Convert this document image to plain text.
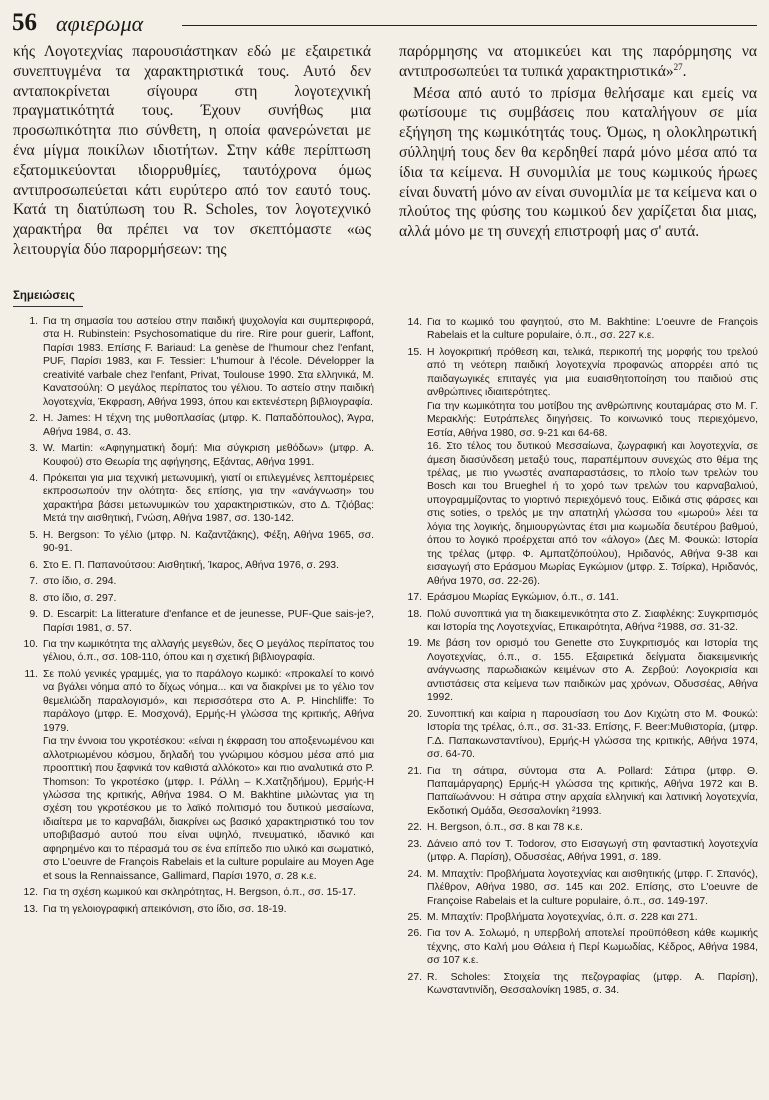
56 αφιερωμα

κής Λογοτεχνίας παρουσιάστηκαν εδώ με εξαιρετικά συνεπτυγμένα τα χαρακτηριστικά τους. Αυτό δεν ανταποκρίνεται σίγουρα στη λογοτεχνική πραγματικότητά τους. Έχουν συνήθως μια προσωπικότητα πιο σύνθετη, η οποία φανερώνεται με ένα μίγμα ποικίλων ιδιοτήτων. Στην κάθε περίπτωση εξατομικεύονται ιδιορρυθμίες, ταυτόχρονα όμως αντιπροσωπεύεται κάτι ευρύτερο από τον εαυτό τους. Κατά τη διατύπωση του R. Scholes, τον λογοτεχνικό χαρακτήρα θα πρέπει να τον σκεπτόμαστε «ως λειτουργία δύο παρορμήσεων: της

παρόρμησης να ατομικεύει και της παρόρμησης να αντιπροσωπεύει τα τυπικά χαρακτηριστικά»$^{27}$.

Μέσα από αυτό το πρίσμα θελήσαμε και εμείς να φωτίσουμε τις συμβάσεις που καταλήγουν σε μία εξήγηση της κωμικότητάς τους. Όμως, η ολοκληρωτική σύλληψή τους δεν θα κερδηθεί παρά μόνο μέσα από τα ίδια τα κείμενα. Η συνομιλία με τους κωμικούς ήρωες είναι δυνατή μόνο αν είναι συνομιλία με τα κείμενα και ο πλούτος της φύσης του κωμικού δεν χαρίζεται δια μιας, αλλά μόνο με τη συνεχή επιστροφή μας σ' αυτά.

Σημειώσεις
1. Για τη σημασία του αστείου στην παιδική ψυχολογία και συμπεριφορά, στα H. Rubinstein: Psychosomatique du rire. Rire pour guerir, Laffont, Παρίσι 1983. Επίσης F. Bariaud: La genèse de l'humour chez l'enfant, PUF, Παρίσι 1983, και F. Tessier: L'humour à l'école. Développer la creativité varbale chez l'enfant, Privat, Toulouse 1990. Στα ελληνικά, Μ. Κανατσούλη: Ο μεγάλος περίπατος του γέλιου. Το αστείο στην παιδική λογοτεχνία, Έκφραση, Αθήνα 1993, όπου και εκτενέστερη βιβλιογραφία.
2. H. James: Η τέχνη της μυθοπλασίας (μτφρ. Κ. Παπαδόπουλος), Άγρα, Αθήνα 1984, σ. 43.
3. W. Martin: «Αφηγηματική δομή: Μια σύγκριση μεθόδων» (μτφρ. Α. Κουφού) στο Θεωρία της αφήγησης, Εξάντας, Αθήνα 1991.
4. Πρόκειται για μια τεχνική μετωνυμική, γιατί οι επιλεγμένες λεπτομέρειες εκπροσωπούν την ολότητα· δες επίσης, για την «ανάγνωση» του χαρακτήρα βάσει μετωνυμικών του χαρακτηριστικών, στο Δ. Τζιόβας: Μετά την αισθητική, Γνώση, Αθήνα 1987, σσ. 130-142.
5. H. Bergson: Το γέλιο (μτφρ. Ν. Καζαντζάκης), Φέξη, Αθήνα 1965, σσ. 90-91.
6. Στο Ε. Π. Παπανούτσου: Αισθητική, Ίκαρος, Αθήνα 1976, σ. 293.
7. στο ίδιο, σ. 294.
8. στο ίδιο, σ. 297.
9. D. Escarpit: La litterature d'enfance et de jeunesse, PUF-Que sais-je?, Παρίσι 1981, σ. 57.
10. Για την κωμικότητα της αλλαγής μεγεθών, δες Ο μεγάλος περίπατος του γέλιου, ό.π., σσ. 108-110, όπου και η σχετική βιβλιογραφία.
11. Σε πολύ γενικές γραμμές, για το παράλογο κωμικό: «προκαλεί το κοινό να βγάλει νόημα από το δίχως νόημα... και να διακρίνει με το γέλιο τον θεμελιώδη παραλογισμό», και περισσότερα στο A. P. Hinchliffe: Το παράλογο (μτφρ. Ε. Μοσχονά), Ερμής-Η γλώσσα της κριτικής, Αθήνα 1979.
Για την έννοια του γκροτέσκου: «είναι η έκφραση του αποξενωμένου και αλλοτριωμένου κόσμου, δηλαδή του γνώριμου κόσμου μέσα από μια προοπτική που ξαφνικά τον καθιστά αλλόκοτο» και πιο αναλυτικά στο P. Thomson: Το γκροτέσκο (μτφρ. Ι. Ράλλη – Κ.Χατζηδήμου), Ερμής-Η γλώσσα της κριτικής, Αθήνα 1984. Ο Μ. Bakhtine μιλώντας για τη σχέση του γκροτέσκου με το λαϊκό πολιτισμό του δυτικού μεσαίωνα, ιδιαίτερα με το καρναβάλι, διακρίνει ως βασικό χαρακτηριστικό του τον υποβιβασμό αυτού που είναι υψηλό, πνευματικό, ιδανικό και αφηρημένο και τo πέρασμά του σε ένα επίπεδο πιο υλικό και σωματικό, στο L'oeuvre de François Rabelais et la culture populaire au Moyen Age et sous la Rennaissance, Gallimard, Παρίσι 1970, σ. 28 κ.ε.
12. Για τη σχέση κωμικού και σκληρότητας, H. Bergson, ό.π., σσ. 15-17.
13. Για τη γελοιογραφική απεικόνιση, στο ίδιο, σσ. 18-19.
14. Για το κωμικό του φαγητού, στο Μ. Bakhtine: L'oeuvre de François Rabelais et la culture populaire, ό.π., σσ. 227 κ.ε.
15. Η λογοκριτική πρόθεση και, τελικά, περικοπή της μορφής του τρελού από τη νεότερη παιδική λογοτεχνία προφανώς απορρέει από τις παιδαγωγικές επιταγές για μια ευαισθητοποίηση του παιδιού στις ανθρώπινες ιδιαιτερότητες.
Για την κωμικότητα του μοτίβου της ανθρώπινης κουταμάρας στο Μ. Γ. Μερακλής: Ευτράπελες διηγήσεις. Το κοινωνικό τους περιεχόμενο, Εστία, Αθήνα 1980, σσ. 9-21 και 64-68.
16. Στο τέλος του δυτικού Μεσσαίωνα, ζωγραφική και λογοτεχνία, σε άμεση διασύνδεση μεταξύ τους, παραπέμπουν συνεχώς στο θέμα της τρέλας, με πιο γνωστές αναπαραστάσεις, το πλοίο των τρελών του Bosch και του Brueghel ή το χορό των τρελών του καρναβαλιού, υπογραμμίζοντας το γιορτινό περιεχόμενό τους. Ειδικά στις φάρσες και στις soties, ο τρελός με την απατηλή γλώσσα του «μωρού» λέει τα λόγια της λογικής, δημιουργώντας έτσι μια κωμωδία δευτέρου βαθμού, όπου το λογικό προέρχεται από τον «άλογο» (Δες Μ. Φουκώ: Ιστορία της τρέλας (μτφρ. Φ. Αμπατζόπούλου), Ηριδανός, Αθήνα 9-38 και εισαγωγή στο Εράσμου Μωρίας Εγκώμιον (μτφρ. Σ. Τσίρκα), Ηριδανός, Αθήνα 1970, σσ. 22-26).
17. Εράσμου Μωρίας Εγκώμιον, ό.π., σ. 141.
18. Πολύ συνοπτικά για τη διακειμενικότητα στο Ζ. Σιαφλέκης: Συγκριτισμός και Ιστορία της Λογοτεχνίας, Επικαιρότητα, Αθήνα ²1988, σσ. 31-32.
19. Με βάση τον ορισμό του Genette στο Συγκριτισμός και Ιστορία της Λογοτεχνίας, ό.π., σ. 155. Εξαιρετικά δείγματα διακειμενικής ανάγνωσης παρωδιακών κειμένων στο Α. Ζερβού: Λογοκρισία και αντιστάσεις στα κείμενα των παιδικών μας χρόνων, Οδυσσέας, Αθήνα 1992.
20. Συνοπτική και καίρια η παρουσίαση του Δον Κιχώτη στο Μ. Φουκώ: Ιστορία της τρέλας, ό.π., σσ. 31-33. Επίσης, F. Beer:Μυθιστορία, (μτφρ. Γ.Δ. Παπακωνσταντίνου), Ερμής-Η γλώσσα της κριτικής, Αθήνα 1974, σσ. 64-70.
21. Για τη σάτιρα, σύντομα στα A. Pollard: Σάτιρα (μτφρ. Θ. Παπαμάργαρης) Ερμής-Η γλώσσα της κριτικής, Αθήνα 1972 και Β. Παπαϊωάννου: Η σάτιρα στην αρχαία ελληνική και λατινική λογοτεχνία, Εκδοτική Ομάδα, Θεσσαλονίκη ²1993.
22. H. Bergson, ό.π., σσ. 8 και 78 κ.ε.
23. Δάνειο από τον T. Todorov, στο Εισαγωγή στη φανταστική λογοτεχνία (μτφρ. Α. Παρίση), Οδυσσέας, Αθήνα 1991, σ. 189.
24. Μ. Μπαχτίν: Προβλήματα λογοτεχνίας και αισθητικής (μτφρ. Γ. Σπανός), Πλέθρον, Αθήνα 1980, σσ. 145 και 202. Επίσης, στο L'oeuvre de Françoise Rabelais et la culture populaire, ό.π., σσ. 149-197.
25. Μ. Μπαχτίν: Προβλήματα λογοτεχνίας, ό.π. σ. 228 και 271.
26. Για τον Α. Σολωμό, η υπερβολή αποτελεί προϋπόθεση κάθε κωμικής τέχνης, στο Καλή μου Θάλεια ή Περί Κωμωδίας, Κέδρος, Αθήνα 1984, σσ 107 κ.ε.
27. R. Scholes: Στοιχεία της πεζογραφίας (μτφρ. Α. Παρίση), Κωνσταντινίδη, Θεσσαλονίκη 1985, σ. 34.
